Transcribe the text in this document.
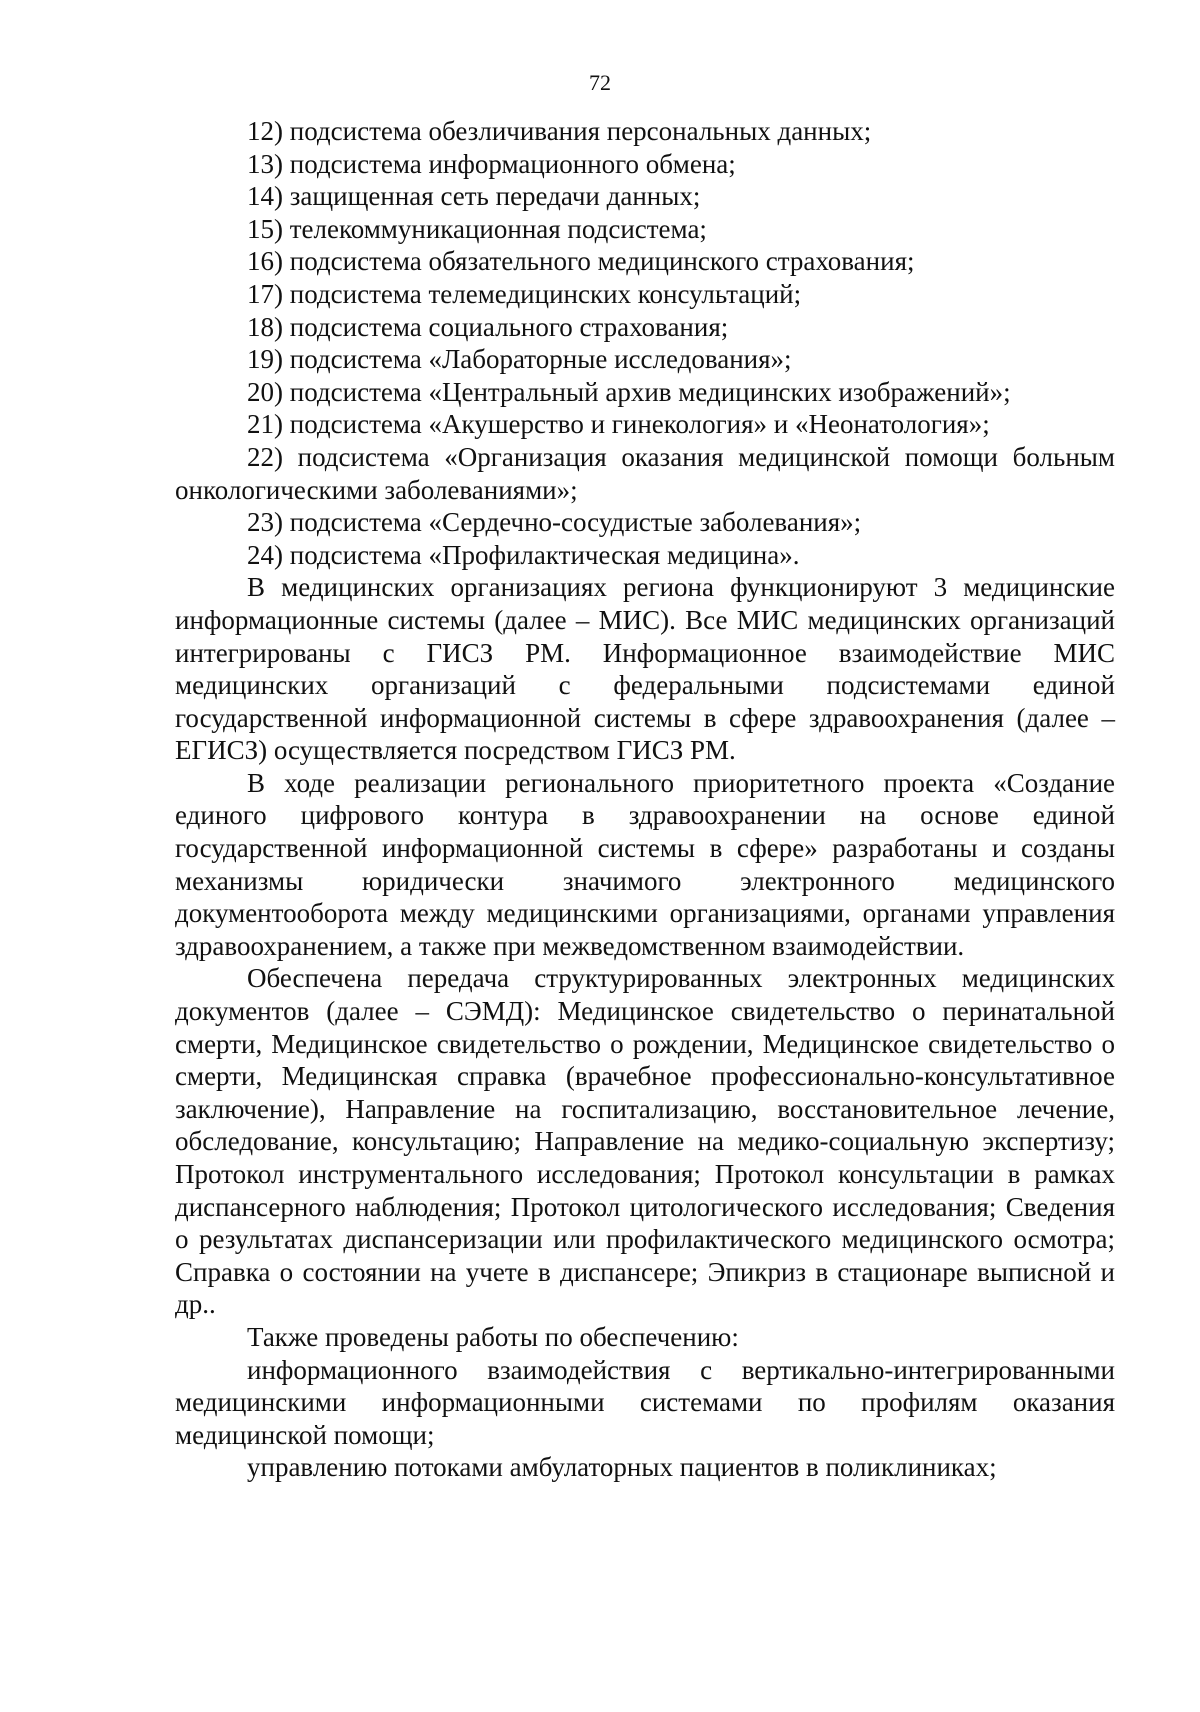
72

12) подсистема обезличивания персональных данных;

13) подсистема информационного обмена;

14) защищенная сеть передачи данных;

15) телекоммуникационная подсистема;

16) подсистема обязательного медицинского страхования;

17) подсистема телемедицинских консультаций;

18) подсистема социального страхования;

19) подсистема «Лабораторные исследования»;

20) подсистема «Центральный архив медицинских изображений»;

21) подсистема «Акушерство и гинекология» и «Неонатология»;

22) подсистема «Организация оказания медицинской помощи больным онкологическими заболеваниями»;

23) подсистема «Сердечно-сосудистые заболевания»;

24) подсистема «Профилактическая медицина».

В медицинских организациях региона функционируют 3 медицинские информационные системы (далее – МИС). Все МИС медицинских организаций интегрированы с ГИСЗ РМ. Информационное взаимодействие МИС медицинских организаций с федеральными подсистемами единой государственной информационной системы в сфере здравоохранения (далее – ЕГИСЗ) осуществляется посредством ГИСЗ РМ.

В ходе реализации регионального приоритетного проекта «Создание единого цифрового контура в здравоохранении на основе единой государственной информационной системы в сфере» разработаны и созданы механизмы юридически значимого электронного медицинского документооборота между медицинскими организациями, органами управления здравоохранением, а также при межведомственном взаимодействии.

Обеспечена передача структурированных электронных медицинских документов (далее – СЭМД): Медицинское свидетельство о перинатальной смерти, Медицинское свидетельство о рождении, Медицинское свидетельство о смерти, Медицинская справка (врачебное профессионально-консультативное заключение), Направление на госпитализацию, восстановительное лечение, обследование, консультацию; Направление на медико-социальную экспертизу; Протокол инструментального исследования; Протокол консультации в рамках диспансерного наблюдения; Протокол цитологического исследования; Сведения о результатах диспансеризации или профилактического медицинского осмотра; Справка о состоянии на учете в диспансере; Эпикриз в стационаре выписной и др..

Также проведены работы по обеспечению:

информационного взаимодействия с вертикально-интегрированными медицинскими информационными системами по профилям оказания медицинской помощи;

управлению потоками амбулаторных пациентов в поликлиниках;
